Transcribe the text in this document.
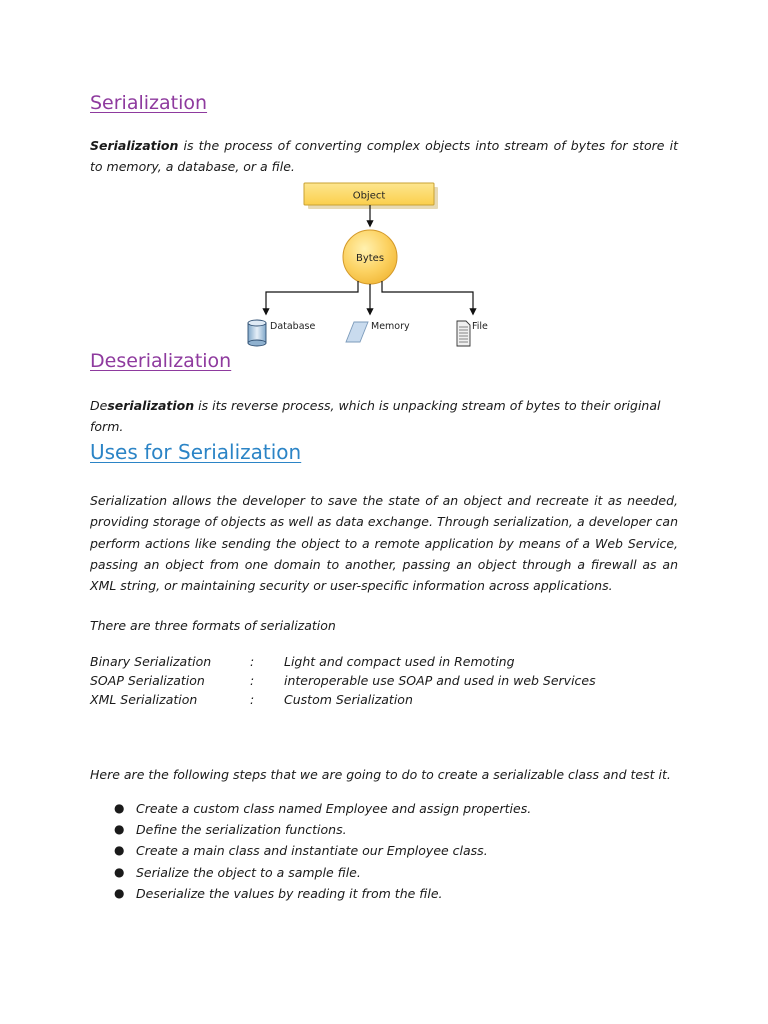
Serialization

Serialization is the process of converting complex objects into stream of bytes for store it to memory, a database, or a file.

Deserialization

Deserialization is its reverse process, which is unpacking stream of bytes to their original form.

Uses for Serialization

Serialization allows the developer to save the state of an object and recreate it as needed, providing storage of objects as well as data exchange. Through serialization, a developer can perform actions like sending the object to a remote application by means of a Web Service, passing an object from one domain to another, passing an object through a firewall as an XML string, or maintaining security or user-specific information across applications.

There are three formats of serialization

Binary Serialization	:	Light and compact used in Remoting
SOAP Serialization	:	interoperable use SOAP and used in web Services
XML Serialization	:	Custom Serialization

Here are the following steps that we are going to do to create a serializable class and test it.

● Create a custom class named Employee and assign properties.
● Define the serialization functions.
● Create a main class and instantiate our Employee class.
● Serialize the object to a sample file.
● Deserialize the values by reading it from the file.
Object
Bytes
Database	Memory	File
